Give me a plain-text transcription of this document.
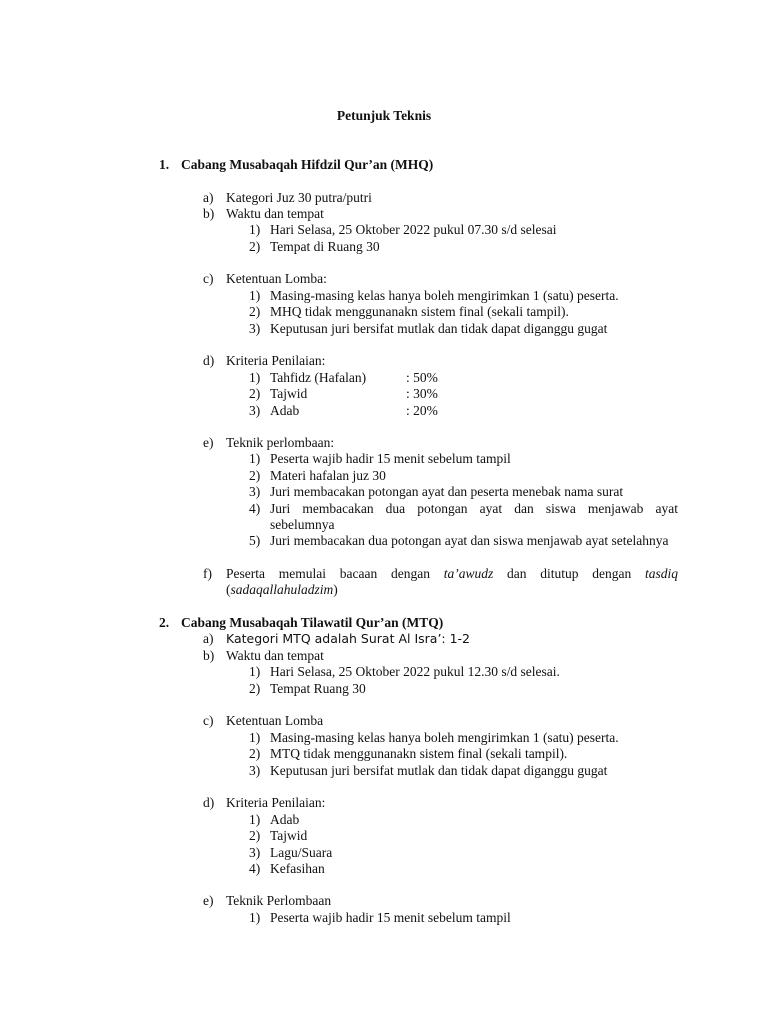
Petunjuk Teknis
1. Cabang Musabaqah Hifdzil Qur’an (MHQ)
a) Kategori Juz 30 putra/putri
b) Waktu dan tempat
1) Hari Selasa, 25 Oktober 2022 pukul 07.30 s/d selesai
2) Tempat di Ruang 30
c) Ketentuan Lomba:
1) Masing-masing kelas hanya boleh mengirimkan 1 (satu) peserta.
2) MHQ tidak menggunanakn sistem final (sekali tampil).
3) Keputusan juri bersifat mutlak dan tidak dapat diganggu gugat
d) Kriteria Penilaian:
1) Tahfidz (Hafalan)	: 50%
2) Tajwid	: 30%
3) Adab	: 20%
e) Teknik perlombaan:
1) Peserta wajib hadir 15 menit sebelum tampil
2) Materi hafalan juz 30
3) Juri membacakan potongan ayat dan peserta menebak nama surat
4) Juri membacakan dua potongan ayat dan siswa menjawab ayat
sebelumnya
5) Juri membacakan dua potongan ayat dan siswa menjawab ayat setelahnya
f)	Peserta memulai bacaan dengan ta’awudz dan ditutup dengan tasdiq
(sadaqallahuladzim)
2. Cabang Musabaqah Tilawatil Qur’an (MTQ)
a) Kategori MTQ adalah Surat Al Isra’: 1-2
b) Waktu dan tempat
1) Hari Selasa, 25 Oktober 2022 pukul 12.30 s/d selesai.
2) Tempat Ruang 30
c) Ketentuan Lomba
1) Masing-masing kelas hanya boleh mengirimkan 1 (satu) peserta.
2) MTQ tidak menggunanakn sistem final (sekali tampil).
3) Keputusan juri bersifat mutlak dan tidak dapat diganggu gugat
d) Kriteria Penilaian:
1) Adab
2) Tajwid
3) Lagu/Suara
4) Kefasihan
e) Teknik Perlombaan
1) Peserta wajib hadir 15 menit sebelum tampil
